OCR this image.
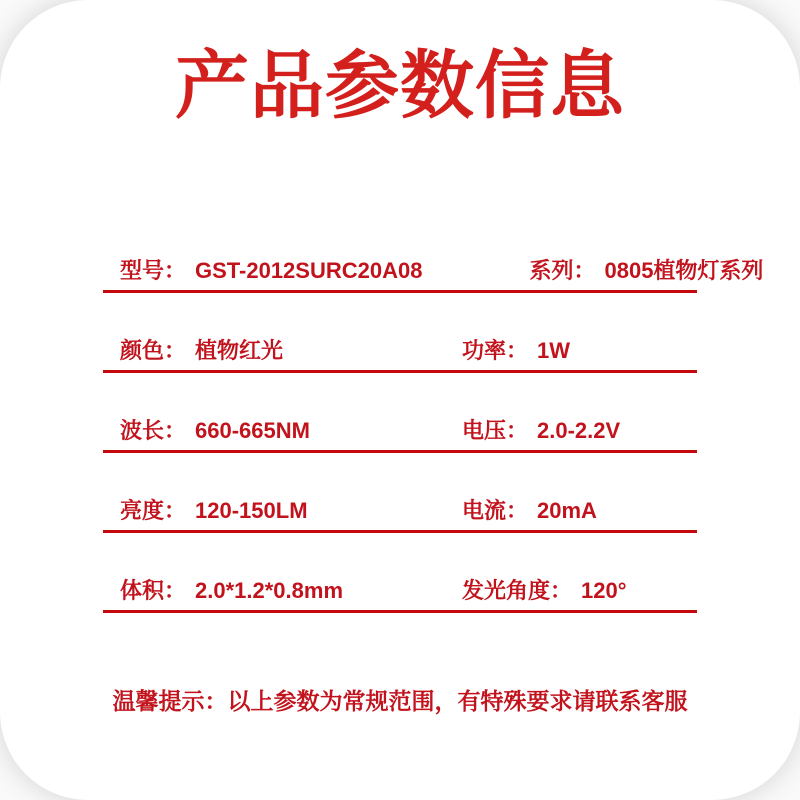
产品参数信息
型号： GST-2012SURC20A08	系列： 0805植物灯系列
颜色： 植物红光	功率： 1W
波长： 660-665NM	电压： 2.0-2.2V
亮度： 120-150LM	电流： 20mA
体积： 2.0*1.2*0.8mm	发光角度： 120°
温馨提示：以上参数为常规范围，有特殊要求请联系客服
